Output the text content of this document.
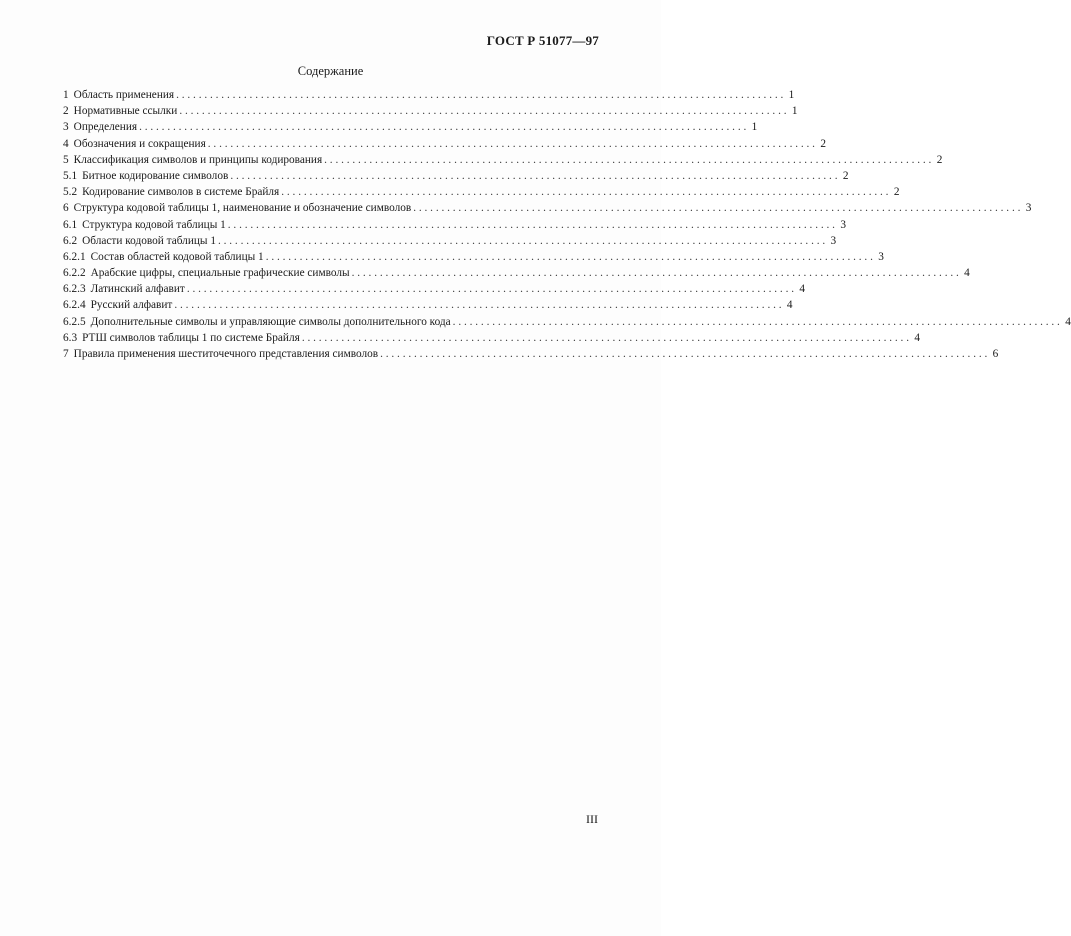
ГОСТ Р 51077—97
Содержание
1 Область применения . . .	1
2 Нормативные ссылки . . .	1
3 Определения . . .	1
4 Обозначения и сокращения . . .	2
5 Классификация символов и принципы кодирования . . .	2
5.1 Битное кодирование символов . . .	2
5.2 Кодирование символов в системе Брайля . . .	2
6 Структура кодовой таблицы 1, наименование и обозначение символов . . .	3
6.1 Структура кодовой таблицы 1 . . .	3
6.2 Области кодовой таблицы 1 . . .	3
6.2.1 Состав областей кодовой таблицы 1 . . .	3
6.2.2 Арабские цифры, специальные графические символы . . .	4
6.2.3 Латинский алфавит . . .	4
6.2.4 Русский алфавит . . .	4
6.2.5 Дополнительные символы и управляющие символы дополнительного кода . . .	4
6.3 РТШ символов таблицы 1 по системе Брайля . . .	4
7 Правила применения шеститочечного представления символов . . .	6
III
